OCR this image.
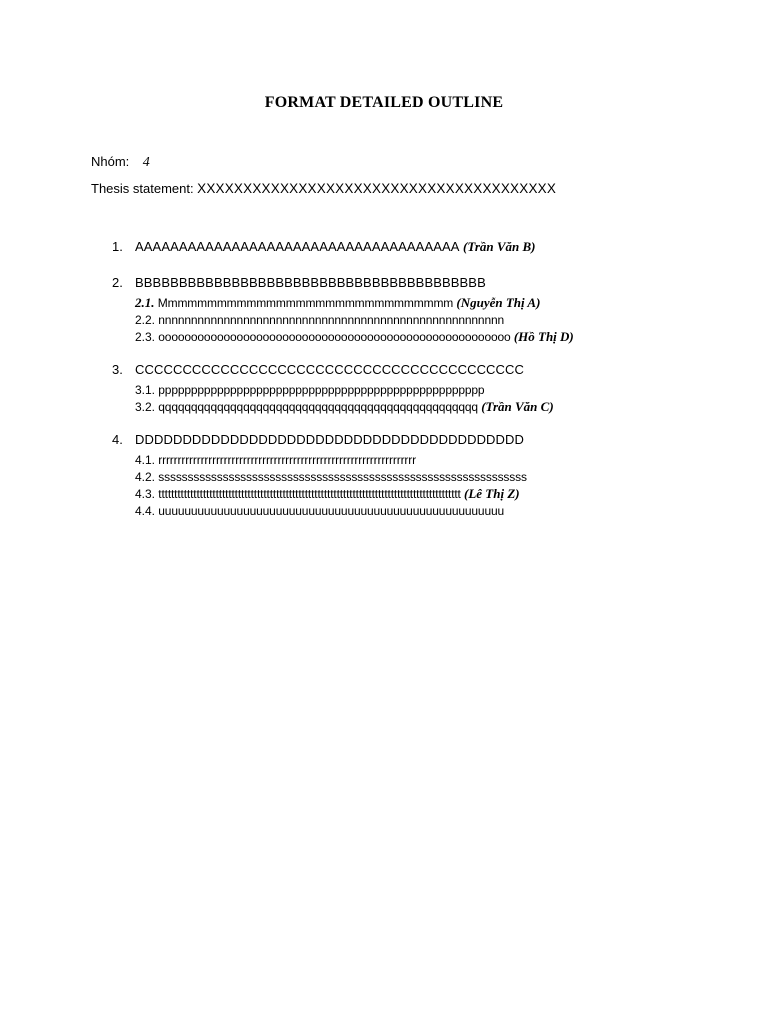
FORMAT DETAILED OUTLINE
Nhóm: 4
Thesis statement: XXXXXXXXXXXXXXXXXXXXXXXXXXXXXXXXXXXXXXX
1. AAAAAAAAAAAAAAAAAAAAAAAAAAAAAAAAAAAAA (Trần Văn B)
2. BBBBBBBBBBBBBBBBBBBBBBBBBBBBBBBBBBBBBBBB
2.1. Mmmmmmmmmmmmmmmmmmmmmmmmmmmmmm (Nguyễn Thị A)
2.2. nnnnnnnnnnnnnnnnnnnnnnnnnnnnnnnnnnnnnnnnnnnnnnnnnnnnn
2.3. oooooooooooooooooooooooooooooooooooooooooooooooooooooo (Hồ Thị D)
3. CCCCCCCCCCCCCCCCCCCCCCCCCCCCCCCCCCCCCCCCC
3.1. pppppppppppppppppppppppppppppppppppppppppppppppppp
3.2. qqqqqqqqqqqqqqqqqqqqqqqqqqqqqqqqqqqqqqqqqqqqqqqqq (Trần Văn C)
4. DDDDDDDDDDDDDDDDDDDDDDDDDDDDDDDDDDDDDDDDD
4.1. rrrrrrrrrrrrrrrrrrrrrrrrrrrrrrrrrrrrrrrrrrrrrrrrrrrrrrrrrrrrrrrrrrr
4.2. sssssssssssssssssssssssssssssssssssssssssssssssssssssssssssssss
4.3. ttttttttttttttttttttttttttttttttttttttttttttttttttttttttttttttttttttttttttttttttttttttttttttttt (Lê Thị Z)
4.4. uuuuuuuuuuuuuuuuuuuuuuuuuuuuuuuuuuuuuuuuuuuuuuuuuuuuu
